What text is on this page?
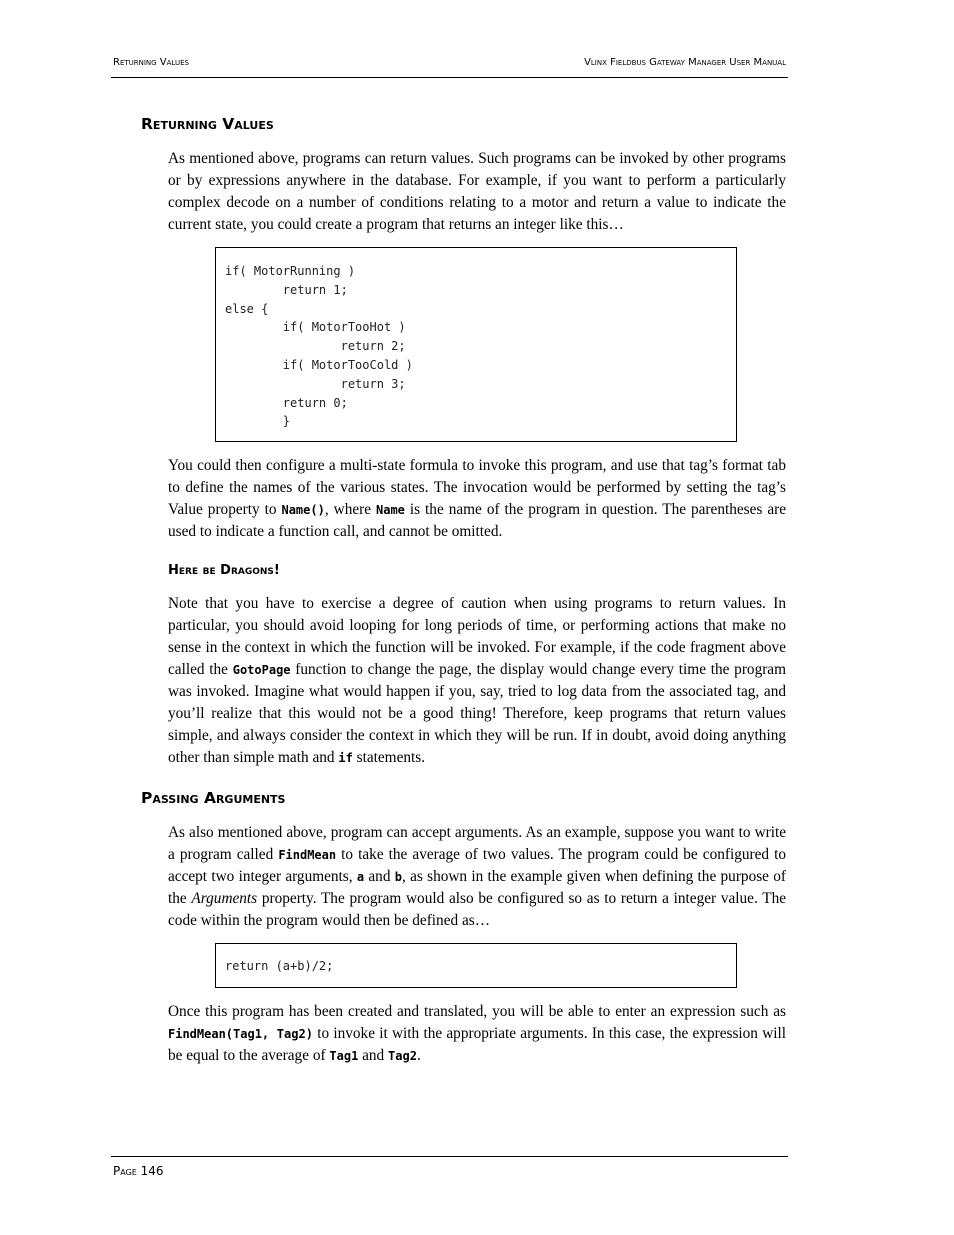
Returning Values	Vlinx Fieldbus Gateway Manager User Manual
Returning Values

As mentioned above, programs can return values. Such programs can be invoked by other programs or by expressions anywhere in the database. For example, if you want to perform a particularly complex decode on a number of conditions relating to a motor and return a value to indicate the current state, you could create a program that returns an integer like this…

if( MotorRunning )
	return 1;
else {
	if( MotorTooHot )
		return 2;
	if( MotorTooCold )
		return 3;
	return 0;
	}

You could then configure a multi-state formula to invoke this program, and use that tag’s format tab to define the names of the various states. The invocation would be performed by setting the tag’s Value property to Name(), where Name is the name of the program in question. The parentheses are used to indicate a function call, and cannot be omitted.

Here be Dragons!

Note that you have to exercise a degree of caution when using programs to return values. In particular, you should avoid looping for long periods of time, or performing actions that make no sense in the context in which the function will be invoked. For example, if the code fragment above called the GotoPage function to change the page, the display would change every time the program was invoked. Imagine what would happen if you, say, tried to log data from the associated tag, and you’ll realize that this would not be a good thing! Therefore, keep programs that return values simple, and always consider the context in which they will be run. If in doubt, avoid doing anything other than simple math and if statements.

Passing Arguments

As also mentioned above, program can accept arguments. As an example, suppose you want to write a program called FindMean to take the average of two values. The program could be configured to accept two integer arguments, a and b, as shown in the example given when defining the purpose of the Arguments property. The program would also be configured so as to return a integer value. The code within the program would then be defined as…

return (a+b)/2;

Once this program has been created and translated, you will be able to enter an expression such as FindMean(Tag1, Tag2) to invoke it with the appropriate arguments. In this case, the expression will be equal to the average of Tag1 and Tag2.

Page 146
